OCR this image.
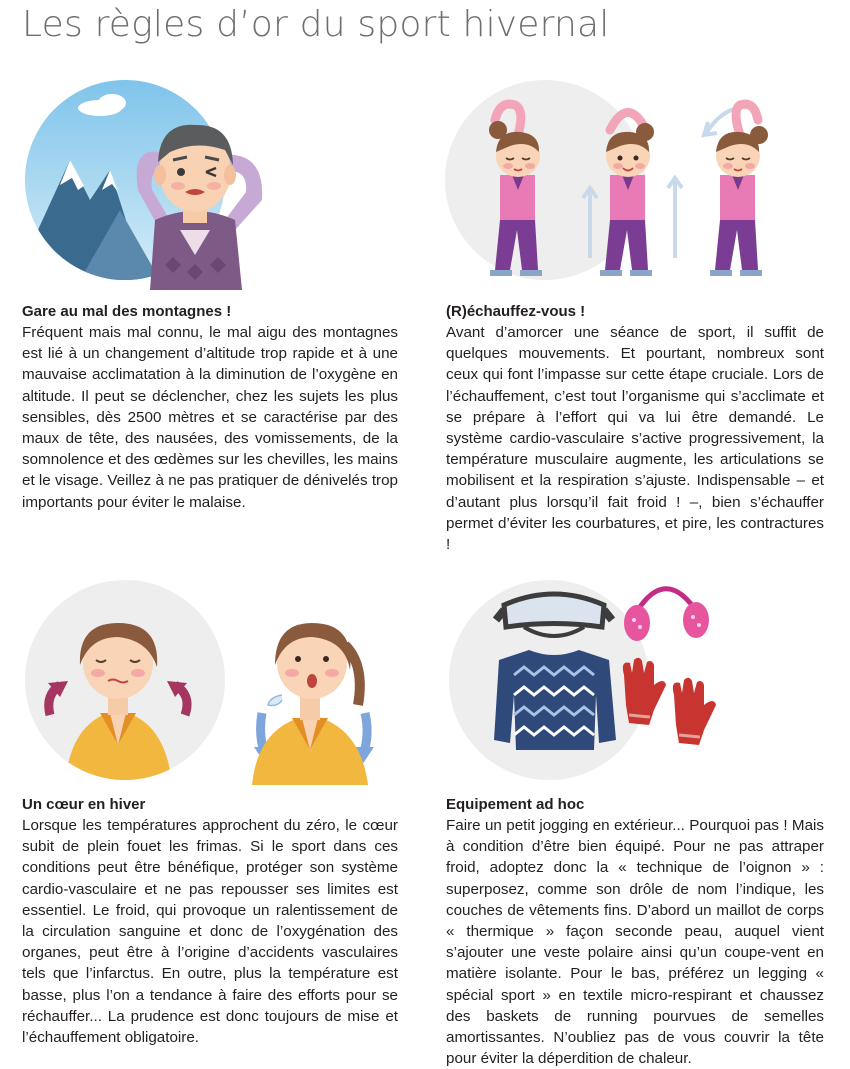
Les règles d’or du sport hivernal
Gare au mal des montagnes !

Fréquent mais mal connu, le mal aigu des montagnes est lié à un changement d’altitude trop rapide et à une mauvaise acclimatation à la diminution de l’oxygène en altitude. Il peut se déclencher, chez les sujets les plus sensibles, dès 2500 mètres et se caractérise par des maux de tête, des nausées, des vomissements, de la somnolence et des œdèmes sur les chevilles, les mains et le visage. Veillez à ne pas pratiquer de dénivelés trop importants pour éviter le malaise.

(R)échauffez-vous !

Avant d’amorcer une séance de sport, il suffit de quelques mouvements. Et pourtant, nombreux sont ceux qui font l’impasse sur cette étape cruciale. Lors de l’échauffement, c’est tout l’organisme qui s’acclimate et se prépare à l’effort qui va lui être demandé. Le système cardio-vasculaire s’active progressivement, la température musculaire augmente, les articulations se mobilisent et la respiration s’ajuste. Indispensable – et d’autant plus lorsqu’il fait froid ! –, bien s’échauffer permet d’éviter les courbatures, et pire, les contractures !

Un cœur en hiver

Lorsque les températures approchent du zéro, le cœur subit de plein fouet les frimas. Si le sport dans ces conditions peut être bénéfique, protéger son système cardio-vasculaire et ne pas repousser ses limites est essentiel. Le froid, qui provoque un ralentissement de la circulation sanguine et donc de l’oxygénation des organes, peut être à l’origine d’accidents vasculaires tels que l’infarctus. En outre, plus la température est basse, plus l’on a tendance à faire des efforts pour se réchauffer... La prudence est donc toujours de mise et l’échauffement obligatoire.

Equipement ad hoc

Faire un petit jogging en extérieur... Pourquoi pas ! Mais à condition d’être bien équipé. Pour ne pas attraper froid, adoptez donc la « technique de l’oignon » : superposez, comme son drôle de nom l’indique, les couches de vêtements fins. D’abord un maillot de corps « thermique » façon seconde peau, auquel vient s’ajouter une veste polaire ainsi qu’un coupe-vent en matière isolante. Pour le bas, préférez un legging « spécial sport » en textile micro-respirant et chaussez des baskets de running pourvues de semelles amortissantes. N’oubliez pas de vous couvrir la tête pour éviter la déperdition de chaleur.
